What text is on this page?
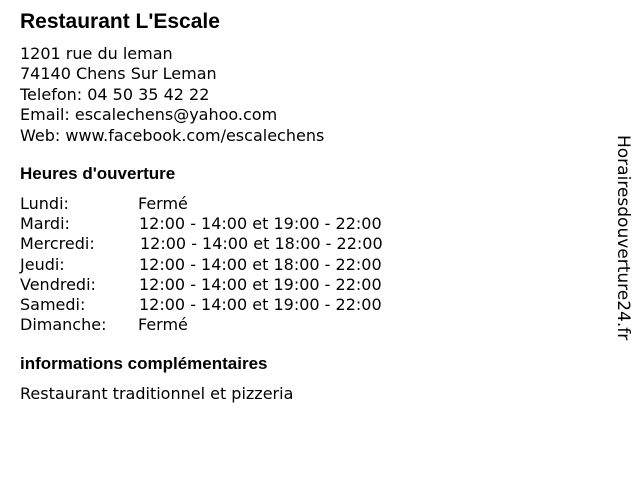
Restaurant L'Escale
1201 rue du leman
74140 Chens Sur Leman
Telefon: 04 50 35 42 22
Email: escalechens@yahoo.com
Web: www.facebook.com/escalechens
Heures d'ouverture
Lundi:	Fermé
Mardi:	12:00 - 14:00 et 19:00 - 22:00
Mercredi:	12:00 - 14:00 et 18:00 - 22:00
Jeudi:	12:00 - 14:00 et 18:00 - 22:00
Vendredi:	12:00 - 14:00 et 19:00 - 22:00
Samedi:	12:00 - 14:00 et 19:00 - 22:00
Dimanche: Fermé
informations complémentaires
Restaurant traditionnel et pizzeria
Horairesdouverture24.fr
